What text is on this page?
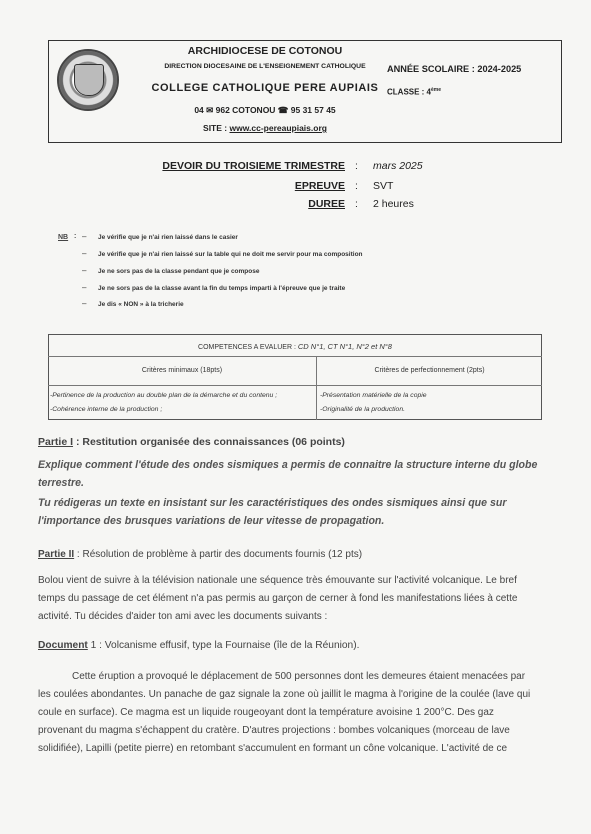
ARCHIDIOCESE DE COTONOU
DIRECTION DIOCESAINE DE L'ENSEIGNEMENT CATHOLIQUE
COLLEGE CATHOLIQUE PERE AUPIAIS
04 ✉ 962 COTONOU ☎ 95 31 57 45
SITE : www.cc-pereaupiais.org
ANNÉE SCOLAIRE : 2024-2025
CLASSE : 4ème
DEVOIR DU TROISIEME TRIMESTRE : mars 2025
EPREUVE : SVT
DUREE : 2 heures
NB : – Je vérifie que je n'ai rien laissé dans le casier
– Je vérifie que je n'ai rien laissé sur la table qui ne doit me servir pour ma composition
– Je ne sors pas de la classe pendant que je compose
– Je ne sors pas de la classe avant la fin du temps imparti à l'épreuve que je traite
– Je dis « NON » à la tricherie
COMPETENCES A EVALUER : CD N°1, CT N°1, N°2 et N°8
Critères minimaux (18pts)	Critères de perfectionnement (2pts)
-Pertinence de la production au double plan de la démarche et du contenu ;
-Cohérence interne de la production ;
-Présentation matérielle de la copie
-Originalité de la production.
Partie I : Restitution organisée des connaissances (06 points)
Explique comment l'étude des ondes sismiques a permis de connaitre la structure interne du globe
terrestre.
Tu rédigeras un texte en insistant sur les caractéristiques des ondes sismiques ainsi que sur
l'importance des brusques variations de leur vitesse de propagation.
Partie II : Résolution de problème à partir des documents fournis (12 pts)
Bolou vient de suivre à la télévision nationale une séquence très émouvante sur l'activité volcanique. Le bref
temps du passage de cet élément n'a pas permis au garçon de cerner à fond les manifestations liées à cette
activité. Tu décides d'aider ton ami avec les documents suivants :
Document 1 : Volcanisme effusif, type la Fournaise (île de la Réunion).
Cette éruption a provoqué le déplacement de 500 personnes dont les demeures étaient menacées par
les coulées abondantes. Un panache de gaz signale la zone où jaillit le magma à l'origine de la coulée (lave qui
coule en surface). Ce magma est un liquide rougeoyant dont la température avoisine 1 200°C. Des gaz
provenant du magma s'échappent du cratère. D'autres projections : bombes volcaniques (morceau de lave
solidifiée), Lapilli (petite pierre) en retombant s'accumulent en formant un cône volcanique. L'activité de ce
